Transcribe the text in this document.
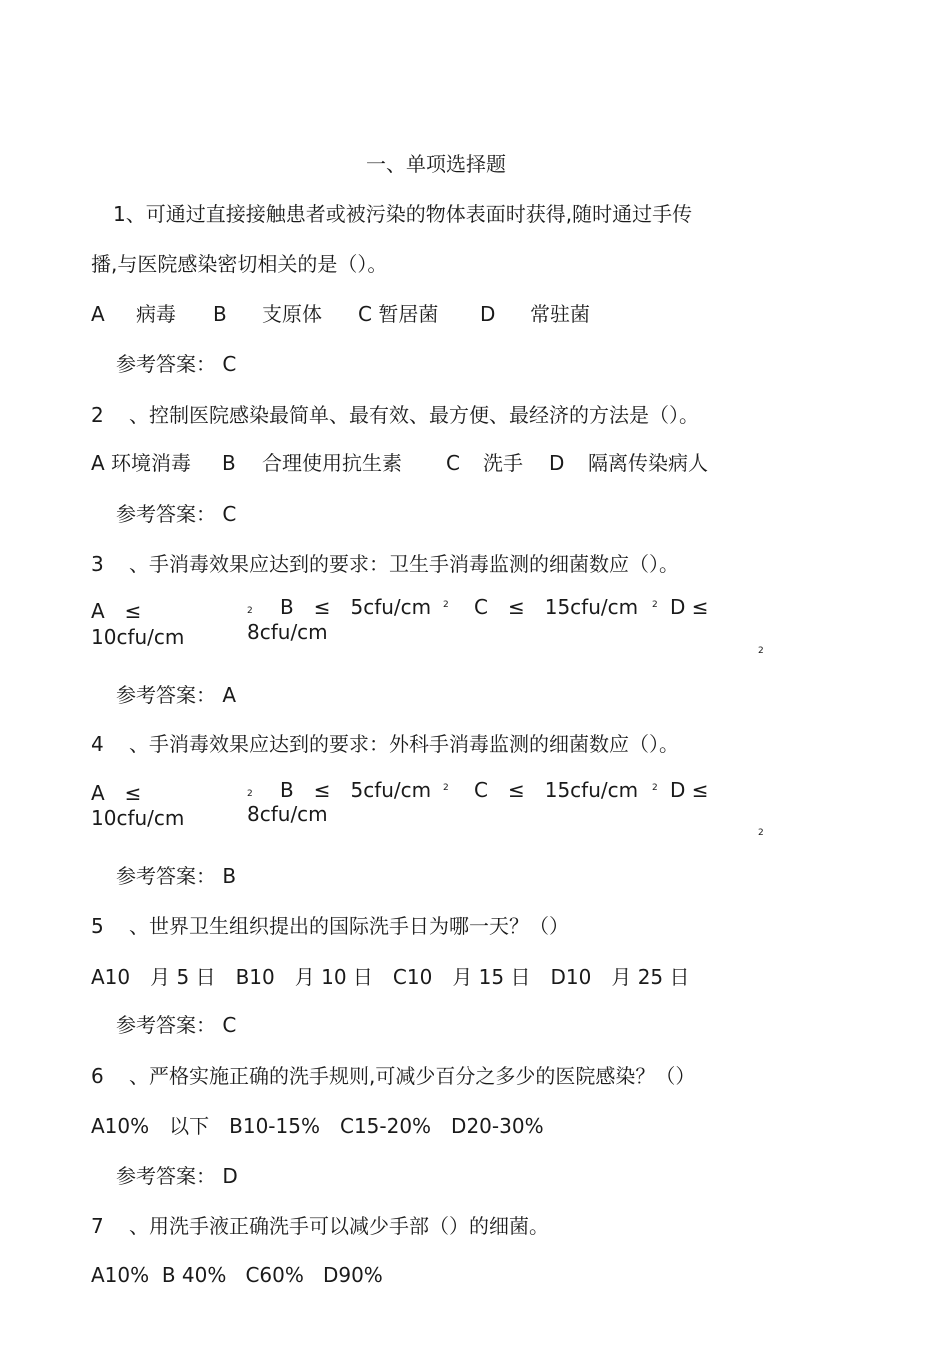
一、单项选择题
1、可通过直接接触患者或被污染的物体表面时获得,随时通过手传
播,与医院感染密切相关的是（）。
A 病毒 B 支原体 C 暂居菌 D 常驻菌
参考答案： C
2 、控制医院感染最简单、最有效、最方便、最经济的方法是（）。
A 环境消毒 B 合理使用抗生素 C 洗手 D 隔离传染病人
参考答案： C
3 、手消毒效果应达到的要求：卫生手消毒监测的细菌数应（）。
A　≤
10cfu/cm
2 B　≤　5cfu/cm 2 C　≤　15cfu/cm 2 D ≤
8cfu/cm
2
参考答案： A
4 、手消毒效果应达到的要求：外科手消毒监测的细菌数应（）。
A　≤
10cfu/cm
2 B　≤　5cfu/cm 2 C　≤　15cfu/cm 2 D ≤
8cfu/cm
2
参考答案： B
5 、世界卫生组织提出的国际洗手日为哪一天？（）
A10　月 5 日　B10　月 10 日　C10　月 15 日　D10　月 25 日
参考答案： C
6 、严格实施正确的洗手规则,可减少百分之多少的医院感染？（）
A10%　以下　B10-15%　C15-20%　D20-30%
参考答案： D
7 、用洗手液正确洗手可以减少手部（）的细菌。
A10%  B 40%   C60%   D90%
